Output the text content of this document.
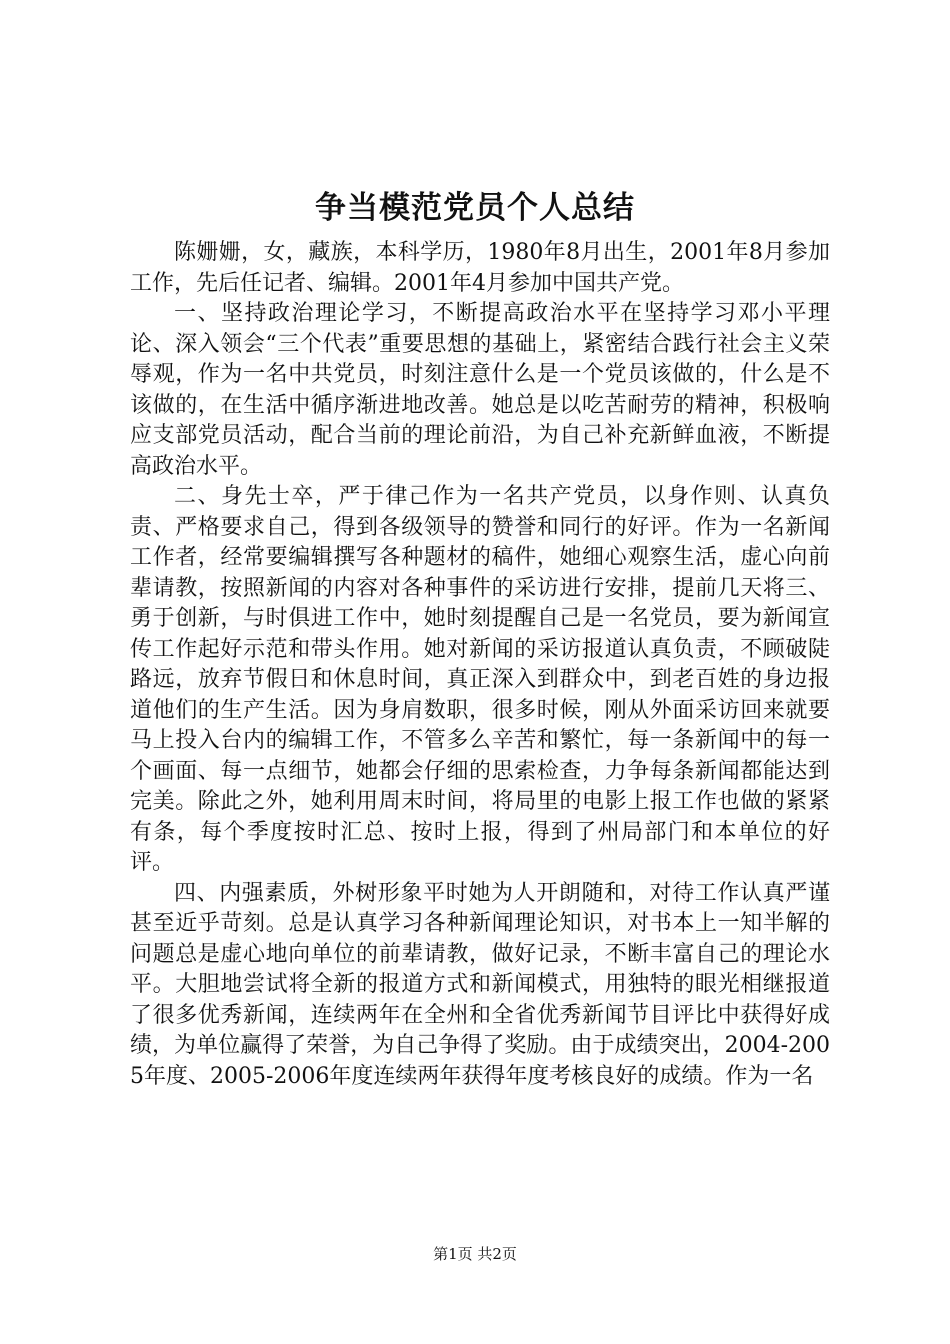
争当模范党员个人总结

陈姗姗，女，藏族，本科学历，1980年8月出生，2001年8月参加工作，先后任记者、编辑。2001年4月参加中国共产党。

一、坚持政治理论学习，不断提高政治水平在坚持学习邓小平理论、深入领会“三个代表”重要思想的基础上，紧密结合践行社会主义荣辱观，作为一名中共党员，时刻注意什么是一个党员该做的，什么是不该做的，在生活中循序渐进地改善。她总是以吃苦耐劳的精神，积极响应支部党员活动，配合当前的理论前沿，为自己补充新鲜血液，不断提高政治水平。

二、身先士卒，严于律己作为一名共产党员，以身作则、认真负责、严格要求自己，得到各级领导的赞誉和同行的好评。作为一名新闻工作者，经常要编辑撰写各种题材的稿件，她细心观察生活，虚心向前辈请教，按照新闻的内容对各种事件的采访进行安排，提前几天将三、勇于创新，与时俱进工作中，她时刻提醒自己是一名党员，要为新闻宣传工作起好示范和带头作用。她对新闻的采访报道认真负责，不顾破陡路远，放弃节假日和休息时间，真正深入到群众中，到老百姓的身边报道他们的生产生活。因为身肩数职，很多时候，刚从外面采访回来就要马上投入台内的编辑工作，不管多么辛苦和繁忙，每一条新闻中的每一个画面、每一点细节，她都会仔细的思索检查，力争每条新闻都能达到完美。除此之外，她利用周末时间，将局里的电影上报工作也做的紧紧有条，每个季度按时汇总、按时上报，得到了州局部门和本单位的好评。

四、内强素质，外树形象平时她为人开朗随和，对待工作认真严谨甚至近乎苛刻。总是认真学习各种新闻理论知识，对书本上一知半解的问题总是虚心地向单位的前辈请教，做好记录，不断丰富自己的理论水平。大胆地尝试将全新的报道方式和新闻模式，用独特的眼光相继报道了很多优秀新闻，连续两年在全州和全省优秀新闻节目评比中获得好成绩，为单位赢得了荣誉，为自己争得了奖励。由于成绩突出，2004-2005年度、2005-2006年度连续两年获得年度考核良好的成绩。作为一名

第1页 共2页
